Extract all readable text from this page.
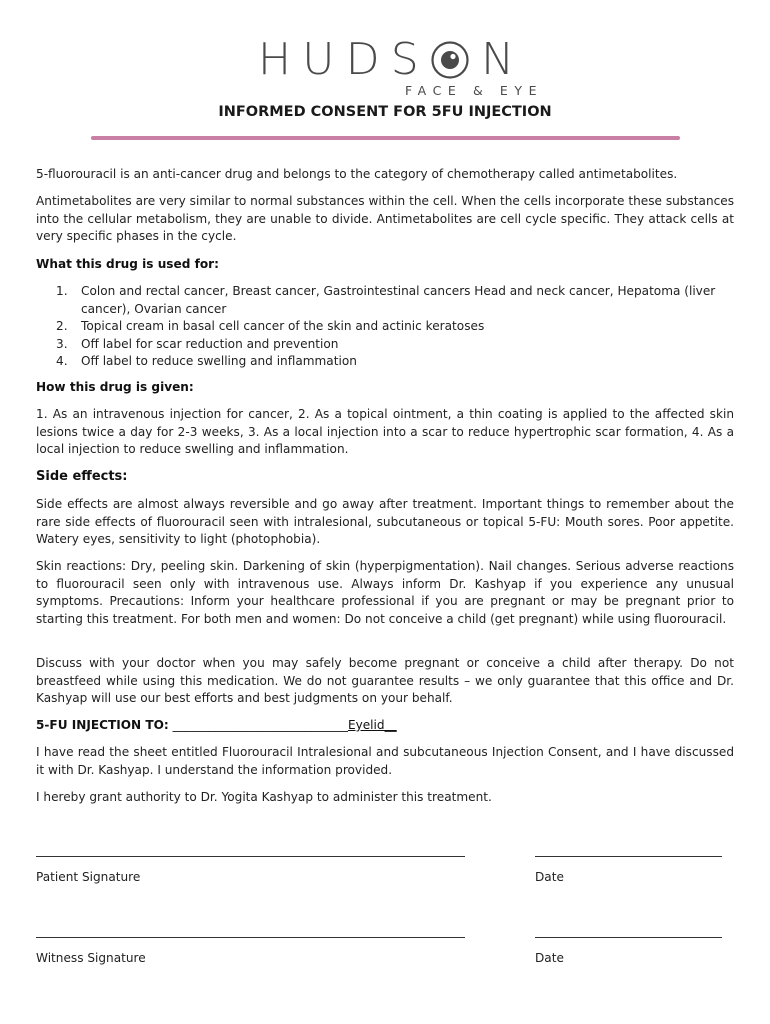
H U D S N
FACE & EYE
INFORMED CONSENT FOR 5FU INJECTION
5-fluorouracil is an anti-cancer drug and belongs to the category of chemotherapy called antimetabolites.
Antimetabolites are very similar to normal substances within the cell. When the cells incorporate these substances into the cellular metabolism, they are unable to divide. Antimetabolites are cell cycle specific. They attack cells at very specific phases in the cycle.
What this drug is used for:
1. Colon and rectal cancer, Breast cancer, Gastrointestinal cancers Head and neck cancer, Hepatoma (liver cancer), Ovarian cancer
2. Topical cream in basal cell cancer of the skin and actinic keratoses
3. Off label for scar reduction and prevention
4. Off label to reduce swelling and inflammation
How this drug is given:
1. As an intravenous injection for cancer, 2. As a topical ointment, a thin coating is applied to the affected skin lesions twice a day for 2-3 weeks, 3. As a local injection into a scar to reduce hypertrophic scar formation, 4. As a local injection to reduce swelling and inflammation.
Side effects:
Side effects are almost always reversible and go away after treatment. Important things to remember about the rare side effects of fluorouracil seen with intralesional, subcutaneous or topical 5-FU: Mouth sores. Poor appetite. Watery eyes, sensitivity to light (photophobia).
Skin reactions: Dry, peeling skin. Darkening of skin (hyperpigmentation). Nail changes. Serious adverse reactions to fluorouracil seen only with intravenous use. Always inform Dr. Kashyap if you experience any unusual symptoms. Precautions: Inform your healthcare professional if you are pregnant or may be pregnant prior to starting this treatment. For both men and women: Do not conceive a child (get pregnant) while using fluorouracil.
Discuss with your doctor when you may safely become pregnant or conceive a child after therapy. Do not breastfeed while using this medication. We do not guarantee results – we only guarantee that this office and Dr. Kashyap will use our best efforts and best judgments on your behalf.
5-FU INJECTION TO: _____________________________Eyelid__
I have read the sheet entitled Fluorouracil Intralesional and subcutaneous Injection Consent, and I have discussed it with Dr. Kashyap. I understand the information provided.
I hereby grant authority to Dr. Yogita Kashyap to administer this treatment.
Patient Signature	Date
Witness Signature	Date
